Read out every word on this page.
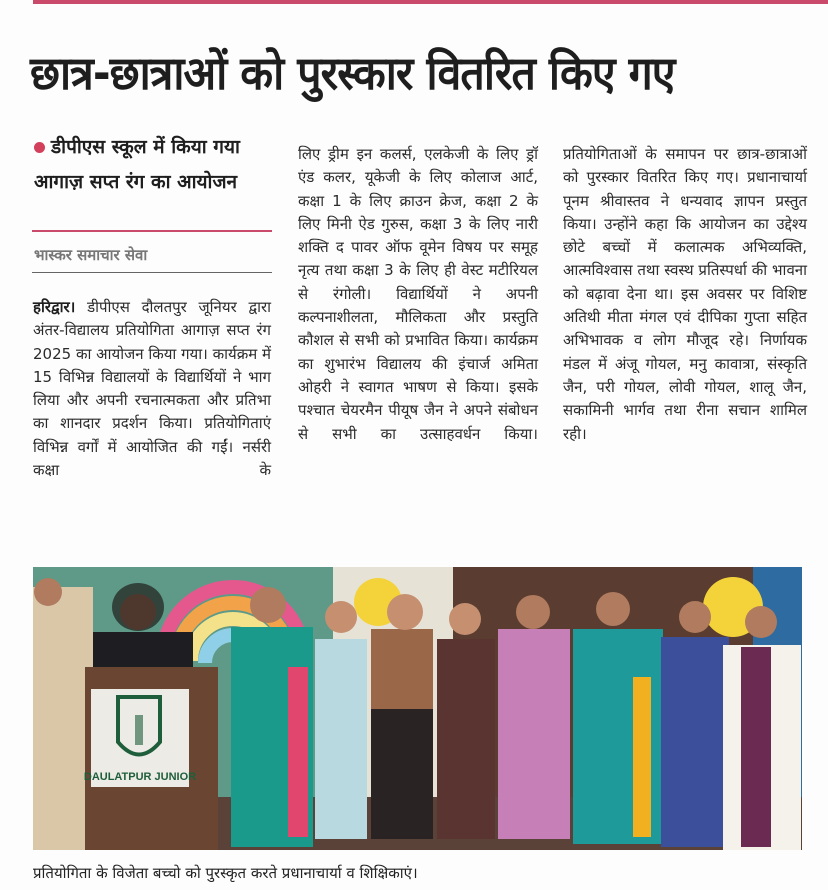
छात्र-छात्राओं को पुरस्कार वितरित किए गए
डीपीएस स्कूल में किया गया आगाज़ सप्त रंग का आयोजन
भास्कर समाचार सेवा

हरिद्वार। डीपीएस दौलतपुर जूनियर द्वारा अंतर-विद्यालय प्रतियोगिता आगाज़ सप्त रंग 2025 का आयोजन किया गया। कार्यक्रम में 15 विभिन्न विद्यालयों के विद्यार्थियों ने भाग लिया और अपनी रचनात्मकता और प्रतिभा का शानदार प्रदर्शन किया। प्रतियोगिताएं विभिन्न वर्गों में आयोजित की गईं। नर्सरी कक्षा के

लिए ड्रीम इन कलर्स, एलकेजी के लिए ड्रॉ एंड कलर, यूकेजी के लिए कोलाज आर्ट, कक्षा 1 के लिए क्राउन क्रेज, कक्षा 2 के लिए मिनी ऐड गुरुस, कक्षा 3 के लिए नारी शक्ति द पावर ऑफ वूमेन विषय पर समूह नृत्य तथा कक्षा 3 के लिए ही वेस्ट मटीरियल से रंगोली। विद्यार्थियों ने अपनी कल्पनाशीलता, मौलिकता और प्रस्तुति कौशल से सभी को प्रभावित किया। कार्यक्रम का शुभारंभ विद्यालय की इंचार्ज अमिता ओहरी ने स्वागत भाषण से किया। इसके पश्चात चेयरमैन पीयूष जैन ने अपने संबोधन से सभी का उत्साहवर्धन किया।

प्रतियोगिताओं के समापन पर छात्र-छात्राओं को पुरस्कार वितरित किए गए। प्रधानाचार्या पूनम श्रीवास्तव ने धन्यवाद ज्ञापन प्रस्तुत किया। उन्होंने कहा कि आयोजन का उद्देश्य छोटे बच्चों में कलात्मक अभिव्यक्ति, आत्मविश्वास तथा स्वस्थ प्रतिस्पर्धा की भावना को बढ़ावा देना था। इस अवसर पर विशिष्ट अतिथी मीता मंगल एवं दीपिका गुप्ता सहित अभिभावक व लोग मौजूद रहे। निर्णायक मंडल में अंजू गोयल, मनु कावात्रा, संस्कृति जैन, परी गोयल, लोवी गोयल, शालू जैन, सकामिनी भार्गव तथा रीना सचान शामिल रही।

DAULATPUR JUNIOR
प्रतियोगिता के विजेता बच्चो को पुरस्कृत करते प्रधानाचार्या व शिक्षिकाएं।
